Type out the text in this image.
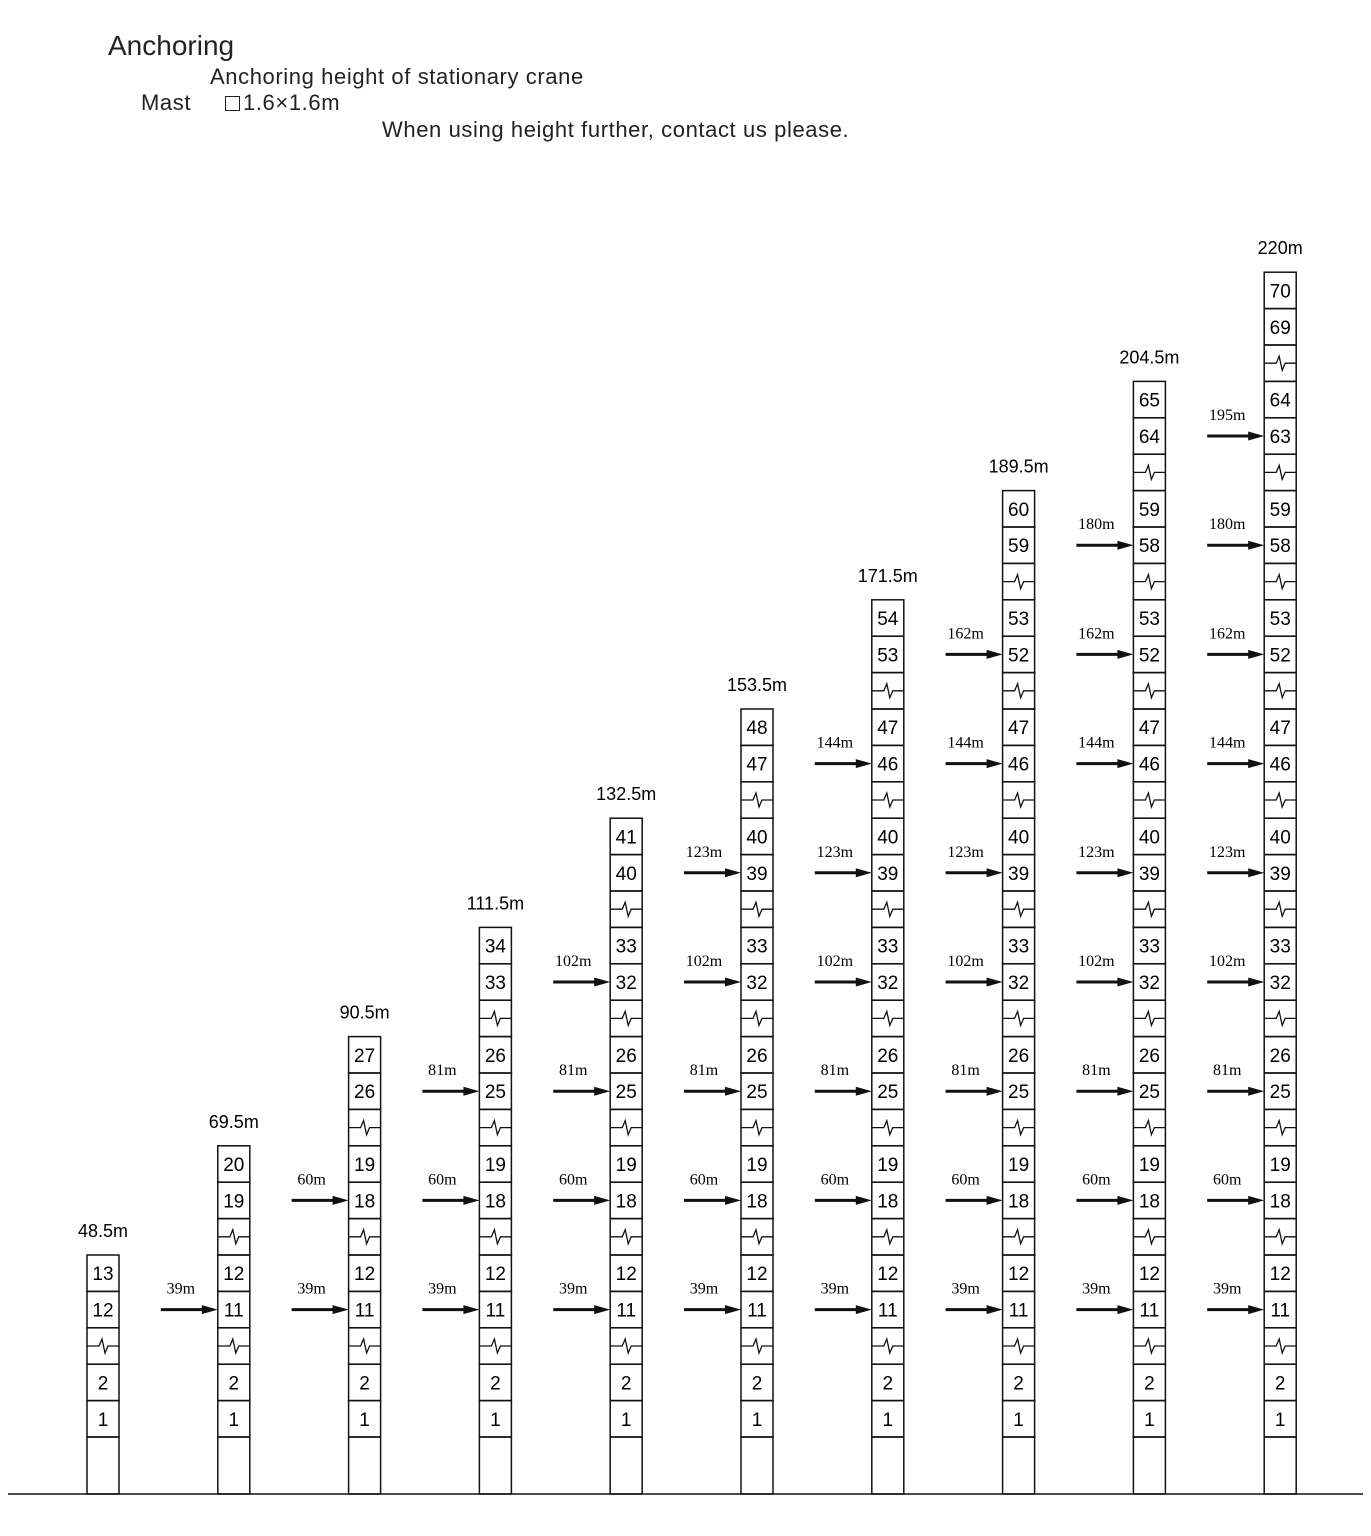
Anchoring
Anchoring height of stationary crane
Mast 1.6×1.6m
When using height further, contact us please.
1
2
12
13
48.5m
1
2
11
12
19
20
69.5m
39m
1
2
11
12
18
19
26
27
90.5m
39m
60m
1
2
11
12
18
19
25
26
33
34
111.5m
39m
60m
81m
1
2
11
12
18
19
25
26
32
33
40
41
132.5m
39m
60m
81m
102m
1
2
11
12
18
19
25
26
32
33
39
40
47
48
153.5m
39m
60m
81m
102m
123m
1
2
11
12
18
19
25
26
32
33
39
40
46
47
53
54
171.5m
39m
60m
81m
102m
123m
144m
1
2
11
12
18
19
25
26
32
33
39
40
46
47
52
53
59
60
189.5m
39m
60m
81m
102m
123m
144m
162m
1
2
11
12
18
19
25
26
32
33
39
40
46
47
52
53
58
59
64
65
204.5m
39m
60m
81m
102m
123m
144m
162m
180m
1
2
11
12
18
19
25
26
32
33
39
40
46
47
52
53
58
59
63
64
69
70
220m
39m
60m
81m
102m
123m
144m
162m
180m
195m
